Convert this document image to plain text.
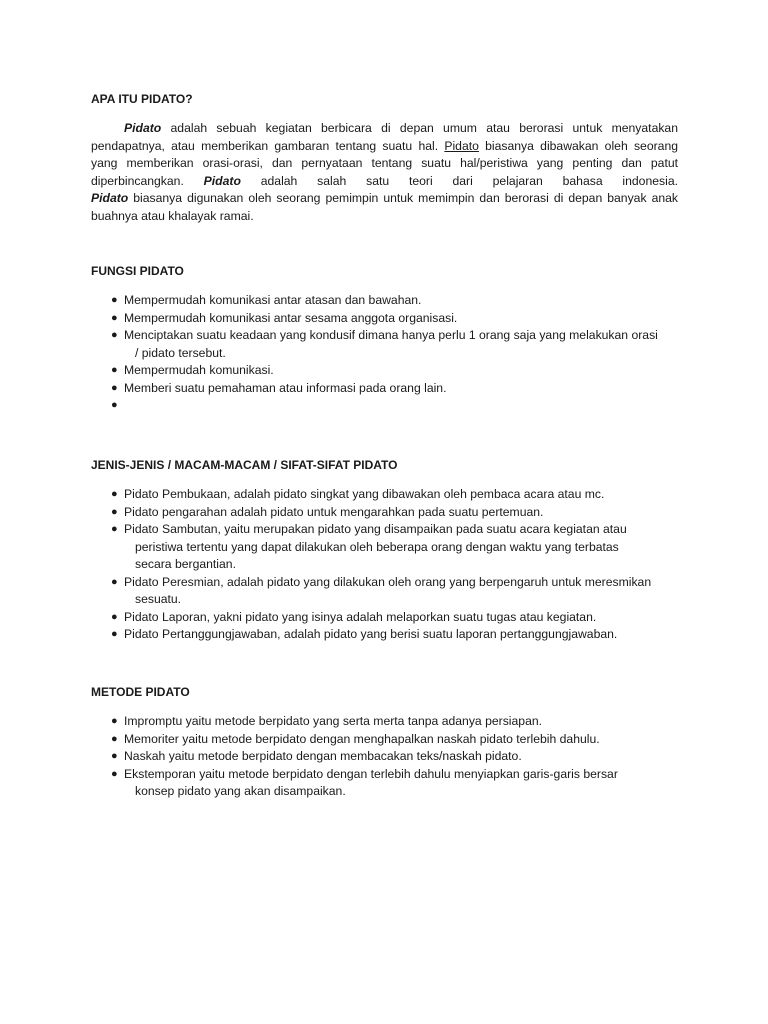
APA ITU PIDATO?
Pidato adalah sebuah kegiatan berbicara di depan umum atau berorasi untuk menyatakan
pendapatnya, atau memberikan gambaran tentang suatu hal. Pidato biasanya dibawakan oleh seorang
yang memberikan orasi-orasi, dan pernyataan tentang suatu hal/peristiwa yang penting dan patut
diperbincangkan. Pidato adalah salah satu teori dari pelajaran bahasa indonesia.
Pidato biasanya digunakan oleh seorang pemimpin untuk memimpin dan berorasi di depan banyak anak
buahnya atau khalayak ramai.
FUNGSI PIDATO
● Mempermudah komunikasi antar atasan dan bawahan.
● Mempermudah komunikasi antar sesama anggota organisasi.
● Menciptakan suatu keadaan yang kondusif dimana hanya perlu 1 orang saja yang melakukan orasi
/ pidato tersebut.
● Mempermudah komunikasi.
● Memberi suatu pemahaman atau informasi pada orang lain.
●

JENIS-JENIS / MACAM-MACAM / SIFAT-SIFAT PIDATO
● Pidato Pembukaan, adalah pidato singkat yang dibawakan oleh pembaca acara atau mc.
● Pidato pengarahan adalah pidato untuk mengarahkan pada suatu pertemuan.
● Pidato Sambutan, yaitu merupakan pidato yang disampaikan pada suatu acara kegiatan atau
peristiwa tertentu yang dapat dilakukan oleh beberapa orang dengan waktu yang terbatas
secara bergantian.
● Pidato Peresmian, adalah pidato yang dilakukan oleh orang yang berpengaruh untuk meresmikan
sesuatu.
● Pidato Laporan, yakni pidato yang isinya adalah melaporkan suatu tugas atau kegiatan.
● Pidato Pertanggungjawaban, adalah pidato yang berisi suatu laporan pertanggungjawaban.
METODE PIDATO
● Impromptu yaitu metode berpidato yang serta merta tanpa adanya persiapan.
● Memoriter yaitu metode berpidato dengan menghapalkan naskah pidato terlebih dahulu.
● Naskah yaitu metode berpidato dengan membacakan teks/naskah pidato.
● Ekstemporan yaitu metode berpidato dengan terlebih dahulu menyiapkan garis-garis bersar
konsep pidato yang akan disampaikan.
